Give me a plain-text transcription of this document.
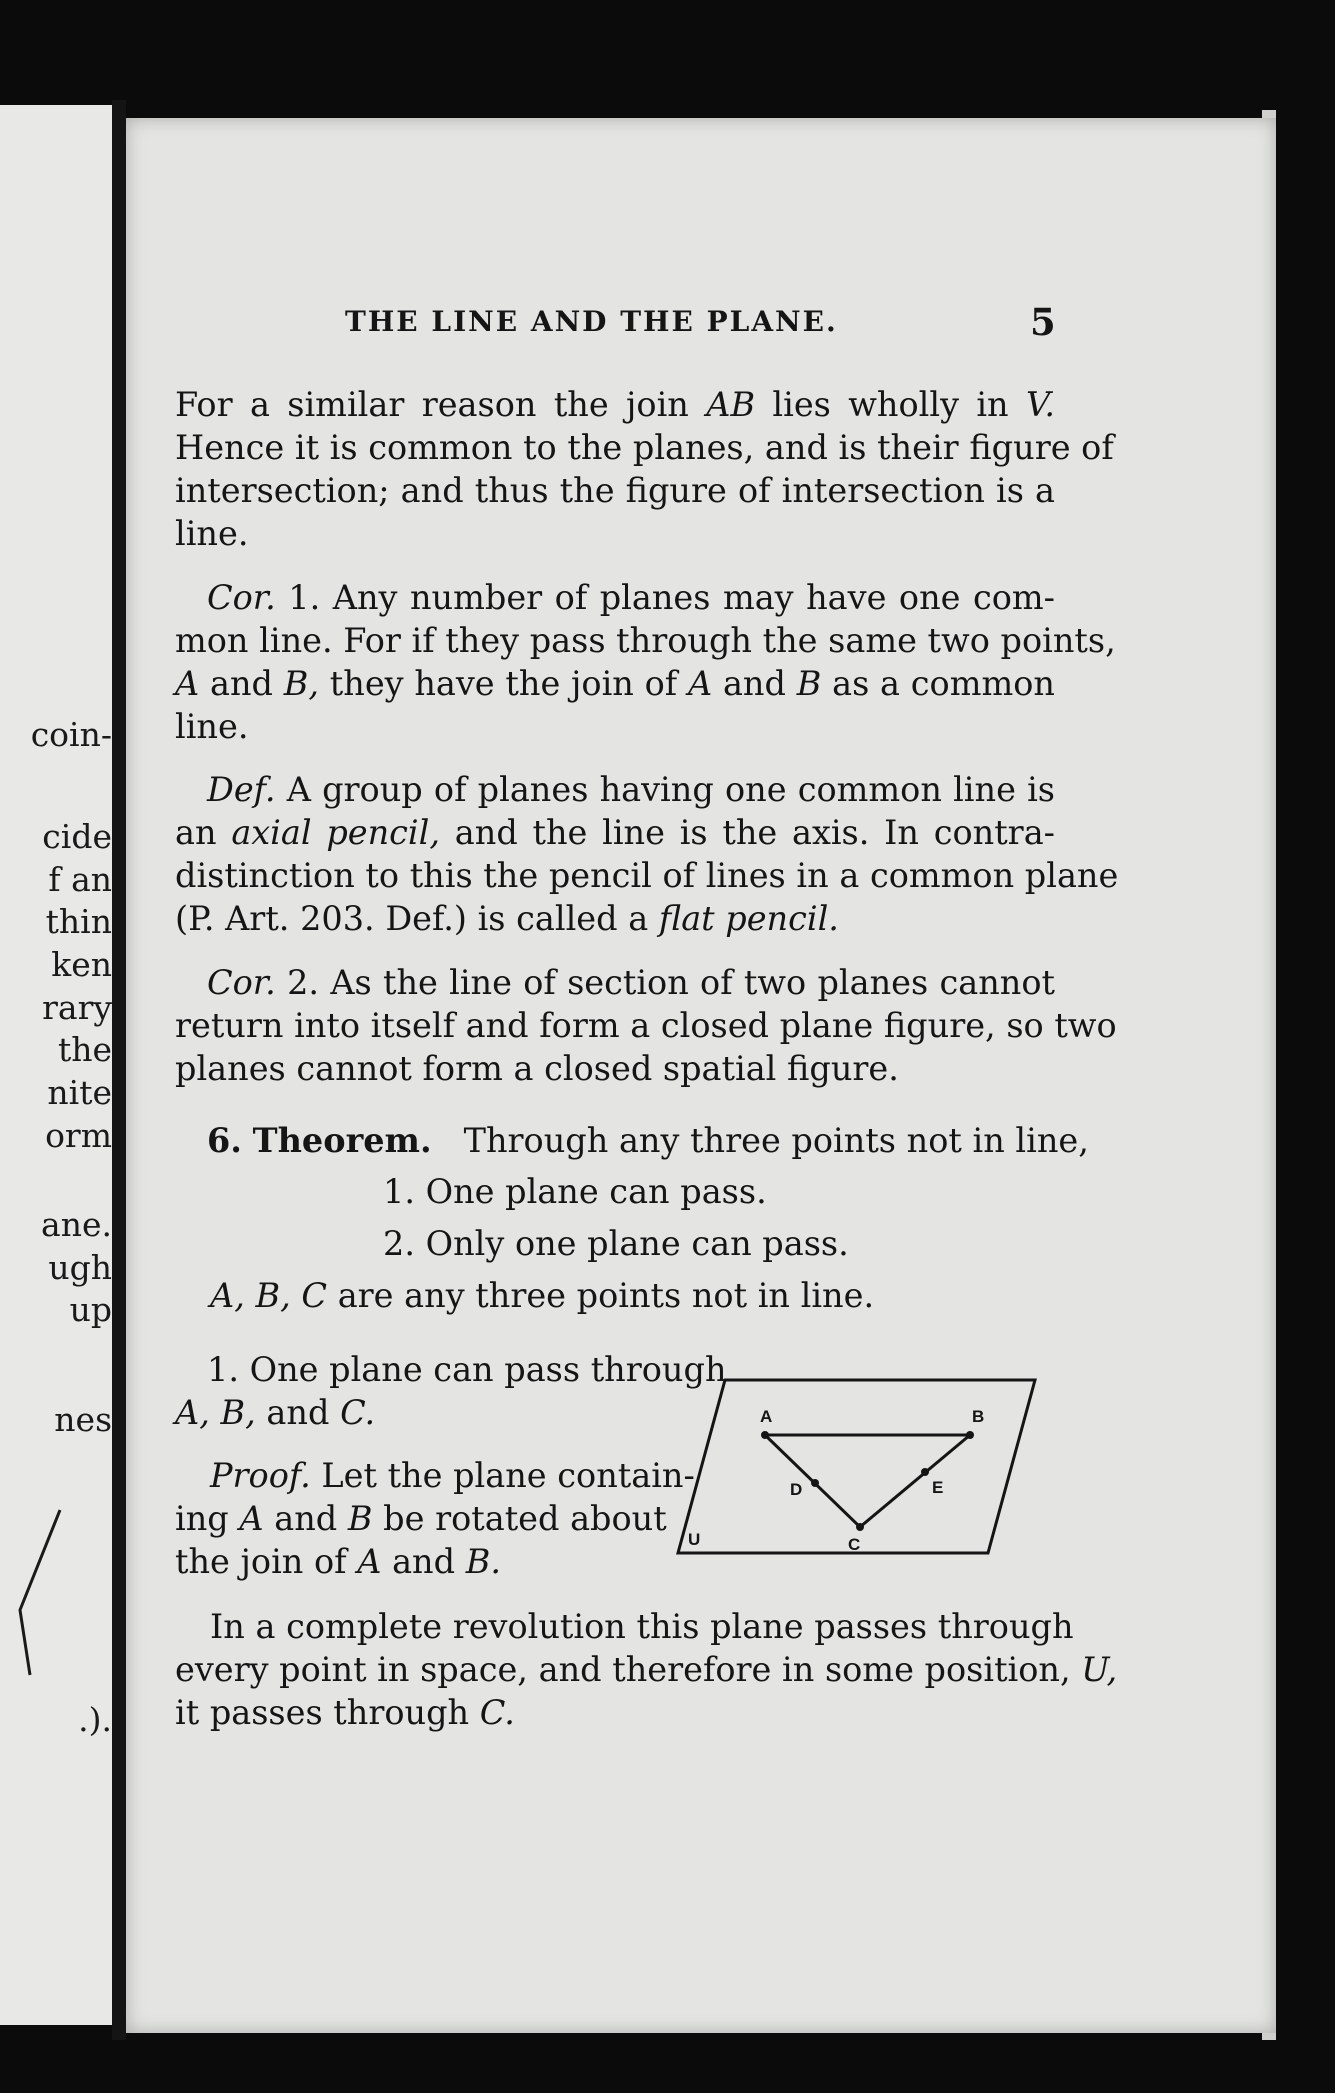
coin-
cide
f an
thin
ken
rary
the
nite
orm
ane.
ugh
up
nes
.).
THE LINE AND THE PLANE.	5
For a similar reason the join AB lies wholly in V.
Hence it is common to the planes, and is their figure of
intersection; and thus the figure of intersection is a
line.
Cor. 1. Any number of planes may have one com-
mon line. For if they pass through the same two points,
A and B, they have the join of A and B as a common
line.
Def. A group of planes having one common line is
an axial pencil, and the line is the axis. In contra-
distinction to this the pencil of lines in a common plane
(P. Art. 203. Def.) is called a flat pencil.
Cor. 2. As the line of section of two planes cannot
return into itself and form a closed plane figure, so two
planes cannot form a closed spatial figure.
6. Theorem. Through any three points not in line,
1. One plane can pass.
2. Only one plane can pass.
A, B, C are any three points not in line.
1. One plane can pass through
A, B, and C.
Proof. Let the plane contain-
ing A and B be rotated about
the join of A and B.
A	B
C
D	E
U
In a complete revolution this plane passes through
every point in space, and therefore in some position, U,
it passes through C.
